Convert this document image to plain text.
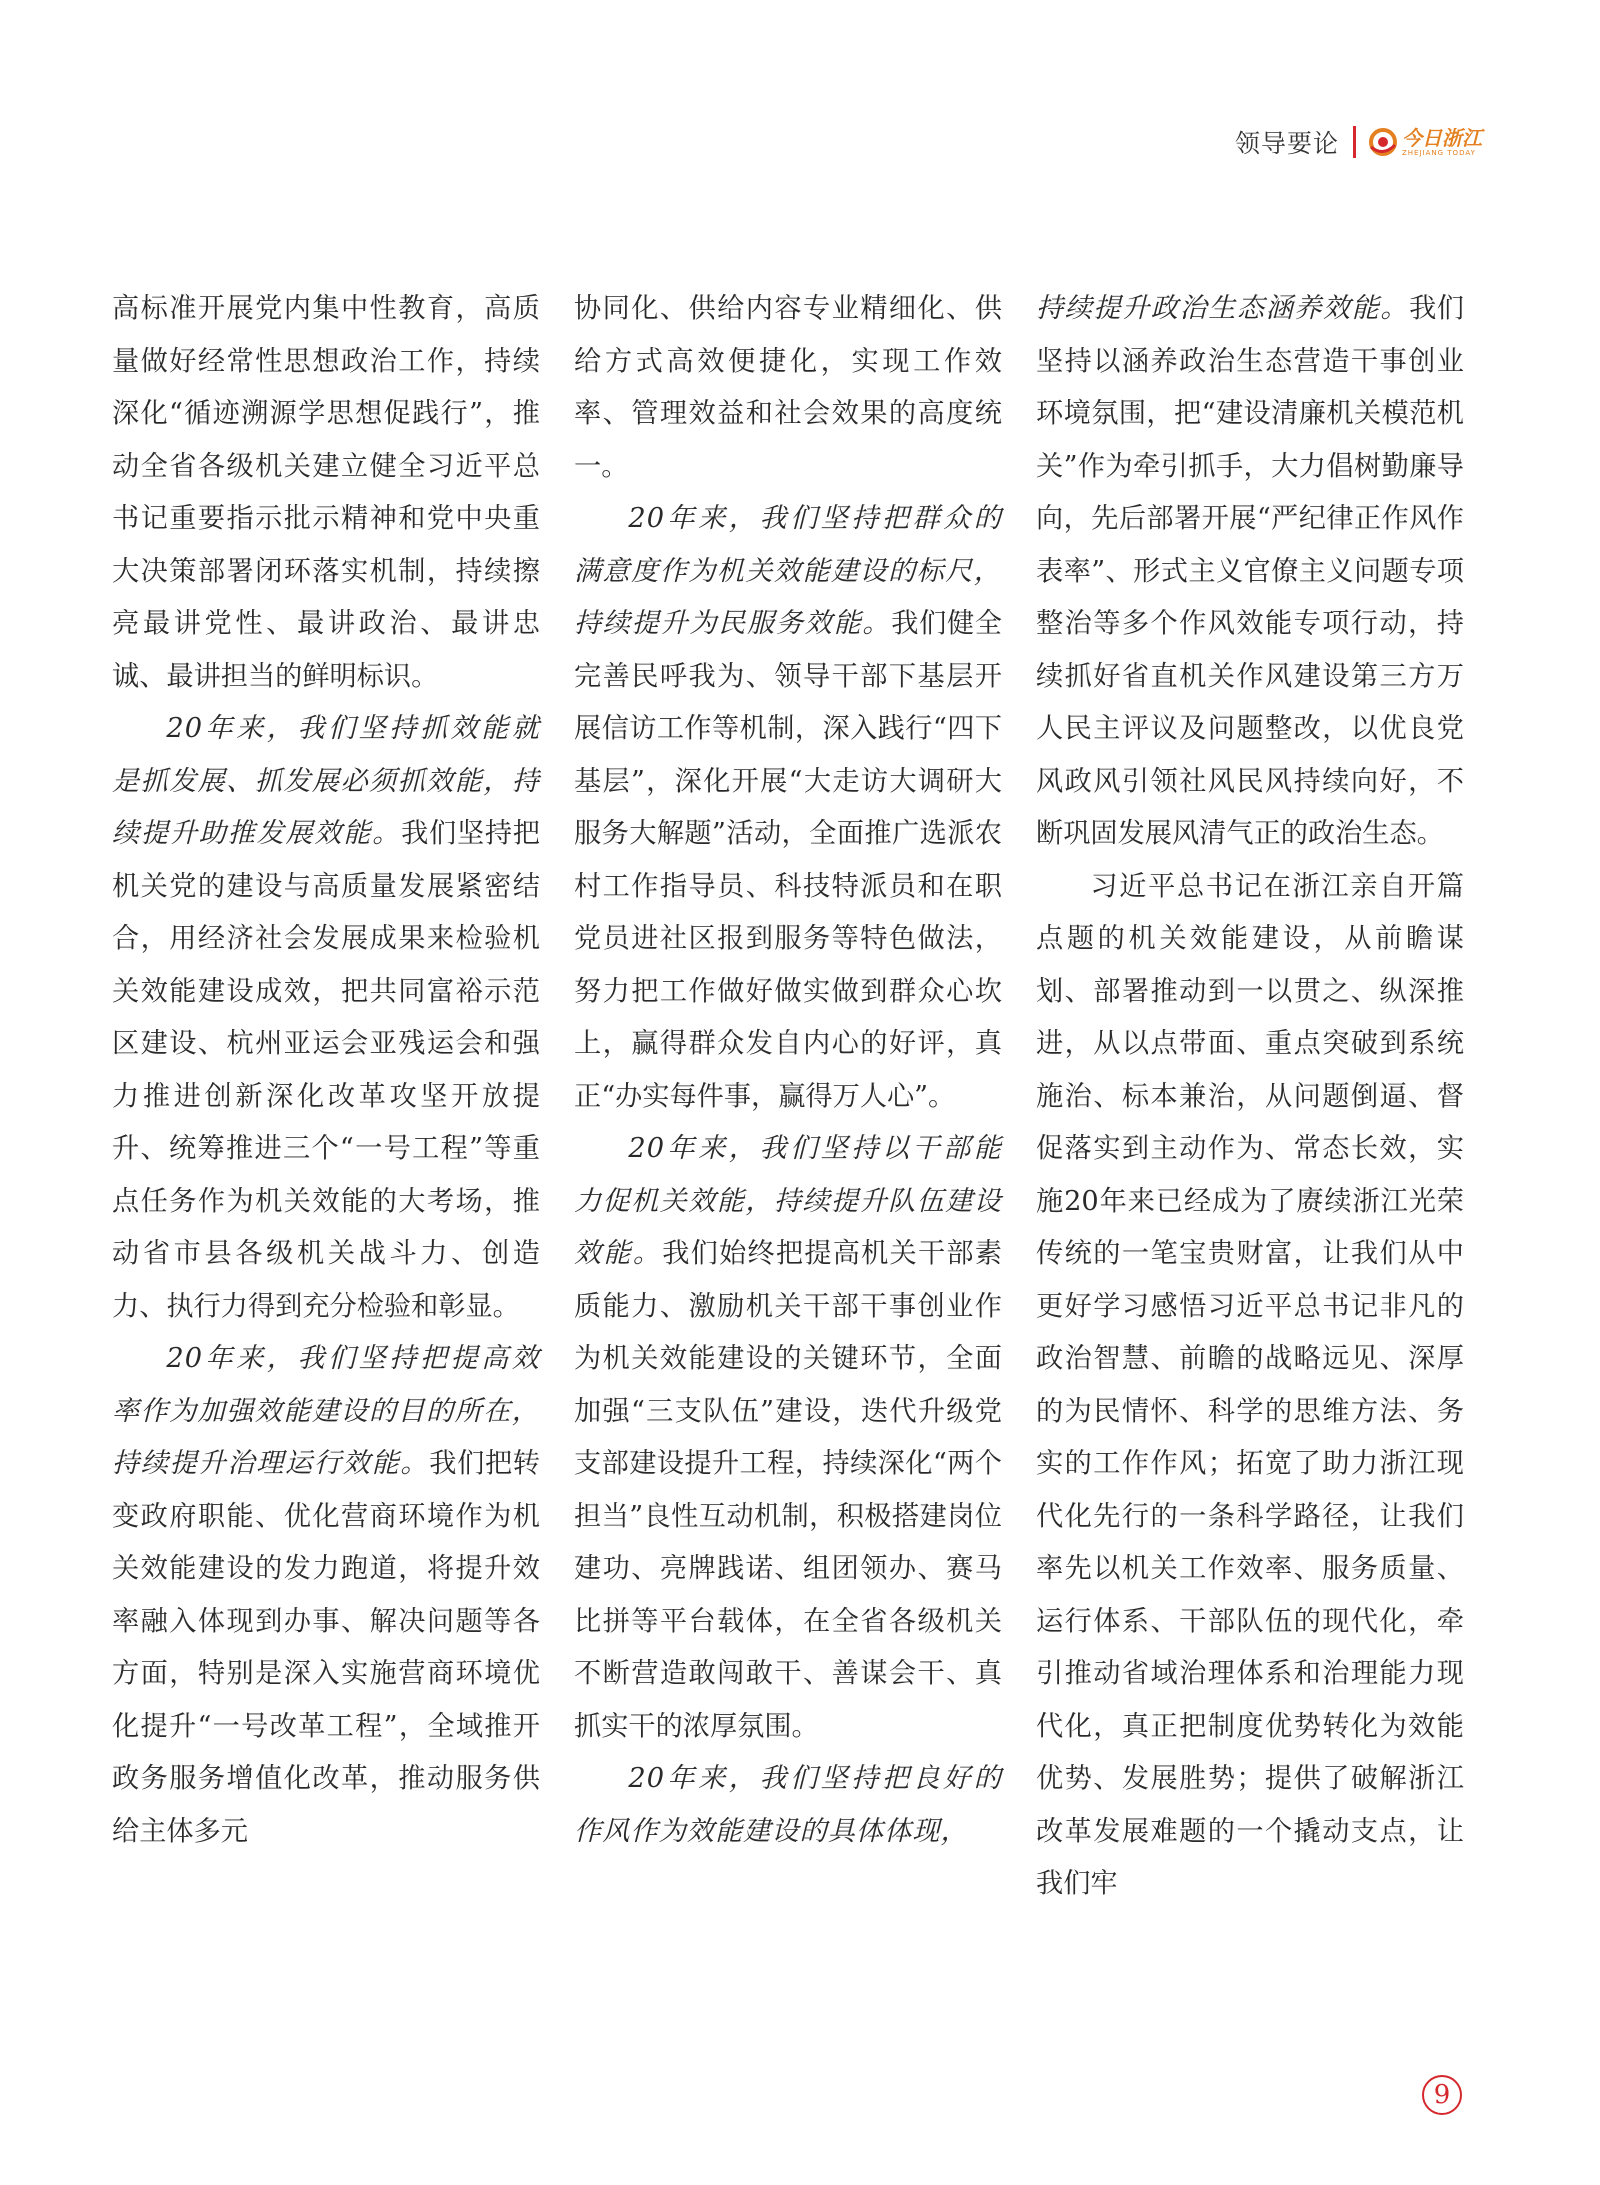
领导要论	今日浙江
ZHEJIANG TODAY

高标准开展党内集中性教育，高质量做好经常性思想政治工作，持续深化“循迹溯源学思想促践行”，推动全省各级机关建立健全习近平总书记重要指示批示精神和党中央重大决策部署闭环落实机制，持续擦亮最讲党性、最讲政治、最讲忠诚、最讲担当的鲜明标识。

20年来，我们坚持抓效能就是抓发展、抓发展必须抓效能，持续提升助推发展效能。我们坚持把机关党的建设与高质量发展紧密结合，用经济社会发展成果来检验机关效能建设成效，把共同富裕示范区建设、杭州亚运会亚残运会和强力推进创新深化改革攻坚开放提升、统筹推进三个“一号工程”等重点任务作为机关效能的大考场，推动省市县各级机关战斗力、创造力、执行力得到充分检验和彰显。

20年来，我们坚持把提高效率作为加强效能建设的目的所在，持续提升治理运行效能。我们把转变政府职能、优化营商环境作为机关效能建设的发力跑道，将提升效率融入体现到办事、解决问题等各方面，特别是深入实施营商环境优化提升“一号改革工程”，全域推开政务服务增值化改革，推动服务供给主体多元

协同化、供给内容专业精细化、供给方式高效便捷化，实现工作效率、管理效益和社会效果的高度统一。

20年来，我们坚持把群众的满意度作为机关效能建设的标尺，持续提升为民服务效能。我们健全完善民呼我为、领导干部下基层开展信访工作等机制，深入践行“四下基层”，深化开展“大走访大调研大服务大解题”活动，全面推广选派农村工作指导员、科技特派员和在职党员进社区报到服务等特色做法，努力把工作做好做实做到群众心坎上，赢得群众发自内心的好评，真正“办实每件事，赢得万人心”。

20年来，我们坚持以干部能力促机关效能，持续提升队伍建设效能。我们始终把提高机关干部素质能力、激励机关干部干事创业作为机关效能建设的关键环节，全面加强“三支队伍”建设，迭代升级党支部建设提升工程，持续深化“两个担当”良性互动机制，积极搭建岗位建功、亮牌践诺、组团领办、赛马比拼等平台载体，在全省各级机关不断营造敢闯敢干、善谋会干、真抓实干的浓厚氛围。

20年来，我们坚持把良好的作风作为效能建设的具体体现，

持续提升政治生态涵养效能。我们坚持以涵养政治生态营造干事创业环境氛围，把“建设清廉机关模范机关”作为牵引抓手，大力倡树勤廉导向，先后部署开展“严纪律正作风作表率”、形式主义官僚主义问题专项整治等多个作风效能专项行动，持续抓好省直机关作风建设第三方万人民主评议及问题整改，以优良党风政风引领社风民风持续向好，不断巩固发展风清气正的政治生态。

习近平总书记在浙江亲自开篇点题的机关效能建设，从前瞻谋划、部署推动到一以贯之、纵深推进，从以点带面、重点突破到系统施治、标本兼治，从问题倒逼、督促落实到主动作为、常态长效，实施20年来已经成为了赓续浙江光荣传统的一笔宝贵财富，让我们从中更好学习感悟习近平总书记非凡的政治智慧、前瞻的战略远见、深厚的为民情怀、科学的思维方法、务实的工作作风；拓宽了助力浙江现代化先行的一条科学路径，让我们率先以机关工作效率、服务质量、运行体系、干部队伍的现代化，牵引推动省域治理体系和治理能力现代化，真正把制度优势转化为效能优势、发展胜势；提供了破解浙江改革发展难题的一个撬动支点，让我们牢

9
